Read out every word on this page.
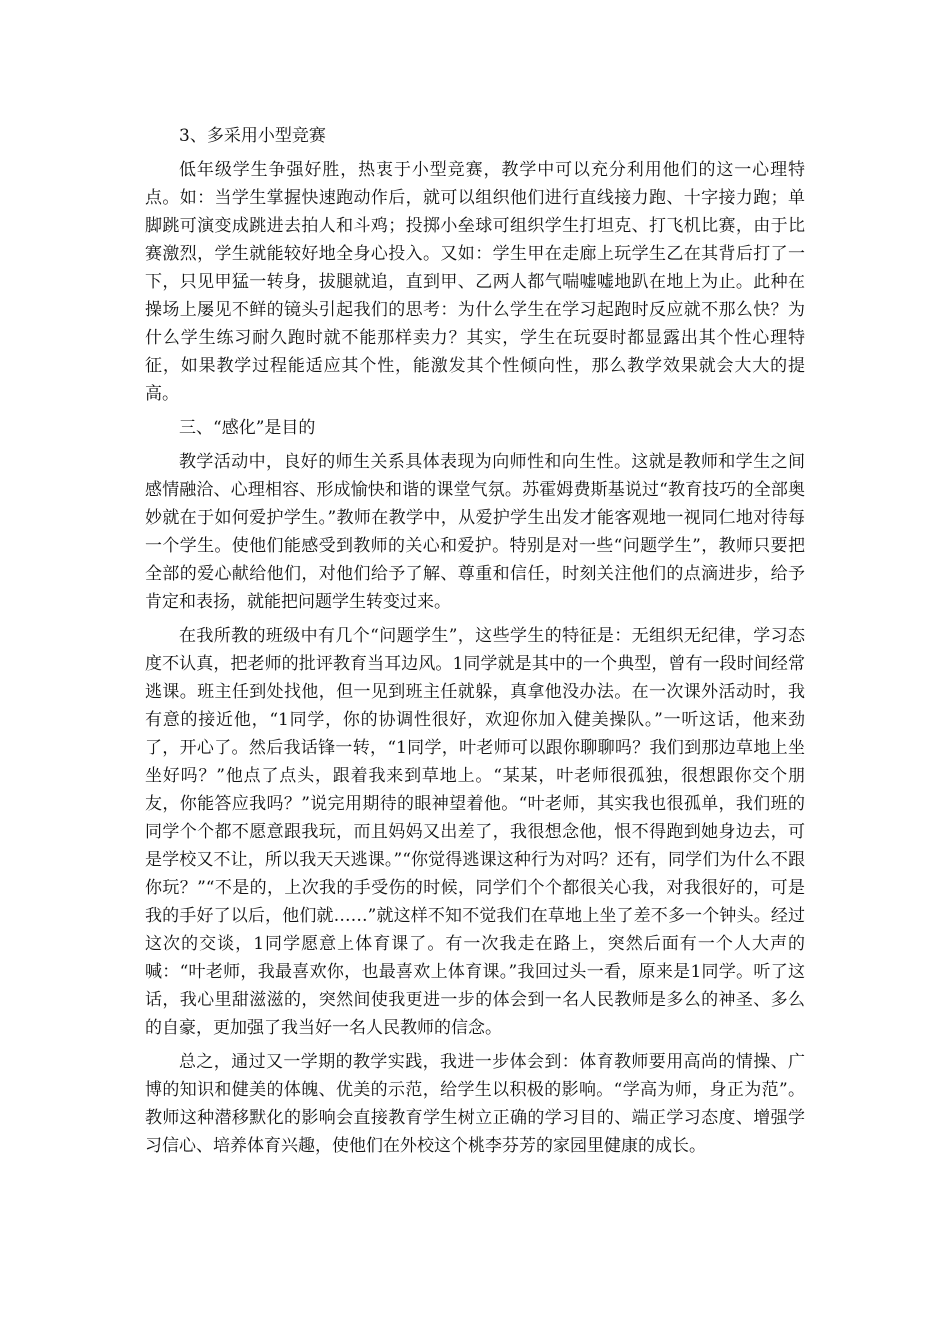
3、多采用小型竞赛

低年级学生争强好胜，热衷于小型竞赛，教学中可以充分利用他们的这一心理特点。如：当学生掌握快速跑动作后，就可以组织他们进行直线接力跑、十字接力跑；单脚跳可演变成跳进去拍人和斗鸡；投掷小垒球可组织学生打坦克、打飞机比赛，由于比赛激烈，学生就能较好地全身心投入。又如：学生甲在走廊上玩学生乙在其背后打了一下，只见甲猛一转身，拔腿就追，直到甲、乙两人都气喘嘘嘘地趴在地上为止。此种在操场上屡见不鲜的镜头引起我们的思考：为什么学生在学习起跑时反应就不那么快？为什么学生练习耐久跑时就不能那样卖力？其实，学生在玩耍时都显露出其个性心理特征，如果教学过程能适应其个性，能激发其个性倾向性，那么教学效果就会大大的提高。

三、“感化”是目的

教学活动中，良好的师生关系具体表现为向师性和向生性。这就是教师和学生之间感情融洽、心理相容、形成愉快和谐的课堂气氛。苏霍姆费斯基说过“教育技巧的全部奥妙就在于如何爱护学生。”教师在教学中，从爱护学生出发才能客观地一视同仁地对待每一个学生。使他们能感受到教师的关心和爱护。特别是对一些“问题学生”，教师只要把全部的爱心献给他们，对他们给予了解、尊重和信任，时刻关注他们的点滴进步，给予肯定和表扬，就能把问题学生转变过来。

在我所教的班级中有几个“问题学生”，这些学生的特征是：无组织无纪律，学习态度不认真，把老师的批评教育当耳边风。1同学就是其中的一个典型，曾有一段时间经常逃课。班主任到处找他，但一见到班主任就躲，真拿他没办法。在一次课外活动时，我有意的接近他，“1同学，你的协调性很好，欢迎你加入健美操队。”一听这话，他来劲了，开心了。然后我话锋一转，“1同学，叶老师可以跟你聊聊吗？我们到那边草地上坐坐好吗？”他点了点头，跟着我来到草地上。“某某，叶老师很孤独，很想跟你交个朋友，你能答应我吗？”说完用期待的眼神望着他。“叶老师，其实我也很孤单，我们班的同学个个都不愿意跟我玩，而且妈妈又出差了，我很想念他，恨不得跑到她身边去，可是学校又不让，所以我天天逃课。”“你觉得逃课这种行为对吗？还有，同学们为什么不跟你玩？”“不是的，上次我的手受伤的时候，同学们个个都很关心我，对我很好的，可是我的手好了以后，他们就……”就这样不知不觉我们在草地上坐了差不多一个钟头。经过这次的交谈，1同学愿意上体育课了。有一次我走在路上，突然后面有一个人大声的喊：“叶老师，我最喜欢你，也最喜欢上体育课。”我回过头一看，原来是1同学。听了这话，我心里甜滋滋的，突然间使我更进一步的体会到一名人民教师是多么的神圣、多么的自豪，更加强了我当好一名人民教师的信念。

总之，通过又一学期的教学实践，我进一步体会到：体育教师要用高尚的情操、广博的知识和健美的体魄、优美的示范，给学生以积极的影响。“学高为师，身正为范”。教师这种潜移默化的影响会直接教育学生树立正确的学习目的、端正学习态度、增强学习信心、培养体育兴趣，使他们在外校这个桃李芬芳的家园里健康的成长。
